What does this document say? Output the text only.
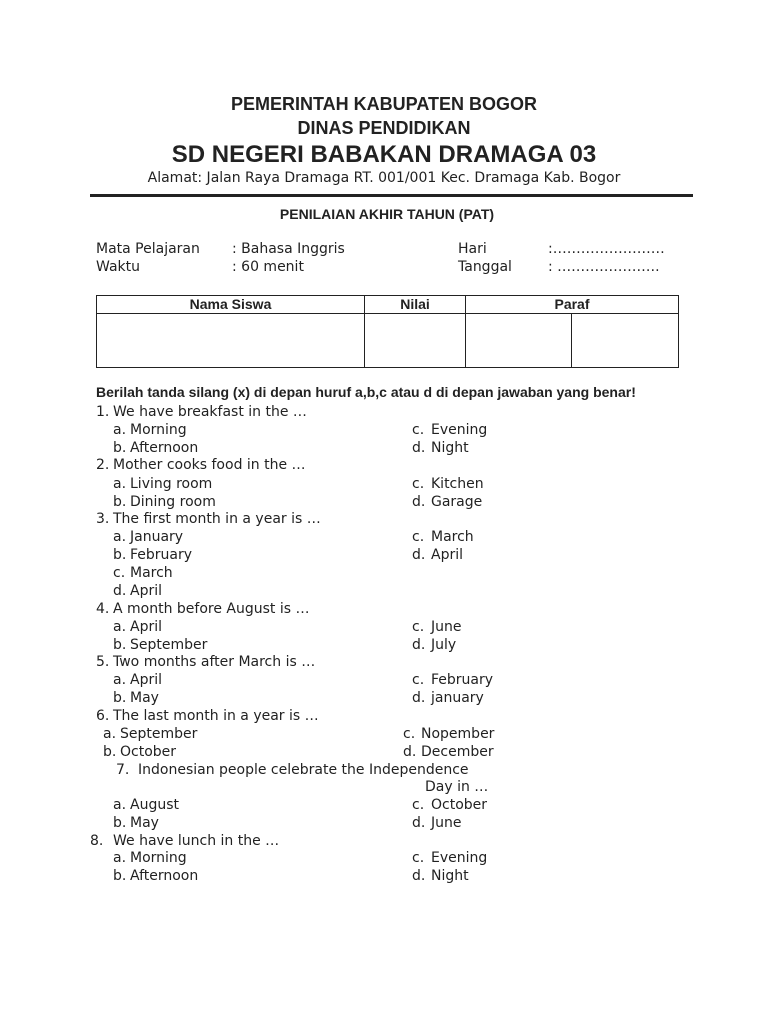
PEMERINTAH KABUPATEN BOGOR
DINAS PENDIDIKAN
SD NEGERI BABAKAN DRAMAGA 03
Alamat: Jalan Raya Dramaga RT. 001/001 Kec. Dramaga Kab. Bogor
PENILAIAN AKHIR TAHUN (PAT)
Mata Pelajaran : Bahasa Inggris	Hari	:……………………
Waktu	: 60 menit	Tanggal	: ………………….
Nama Siswa	Nilai	Paraf	

Berilah tanda silang (x) di depan huruf a,b,c atau d di depan jawaban yang benar!
1. We have breakfast in the …
a. Morning	c. Evening
b. Afternoon	d. Night
2. Mother cooks food in the …
a. Living room	c. Kitchen
b. Dining room	d. Garage
3. The first month in a year is …
a. January	c. March
b. February	d. April
c. March
d. April
4. A month before August is …
a. April	c. June
b. September	d. July
5. Two months after March is …
a. April	c. February
b. May	d. january
6. The last month in a year is …
a. September	c. Nopember
b. October	d. December
7. Indonesian people celebrate the Independence
Day in …
a. August	c. October
b. May	d. June
8. We have lunch in the …
a. Morning	c. Evening
b. Afternoon	d. Night
